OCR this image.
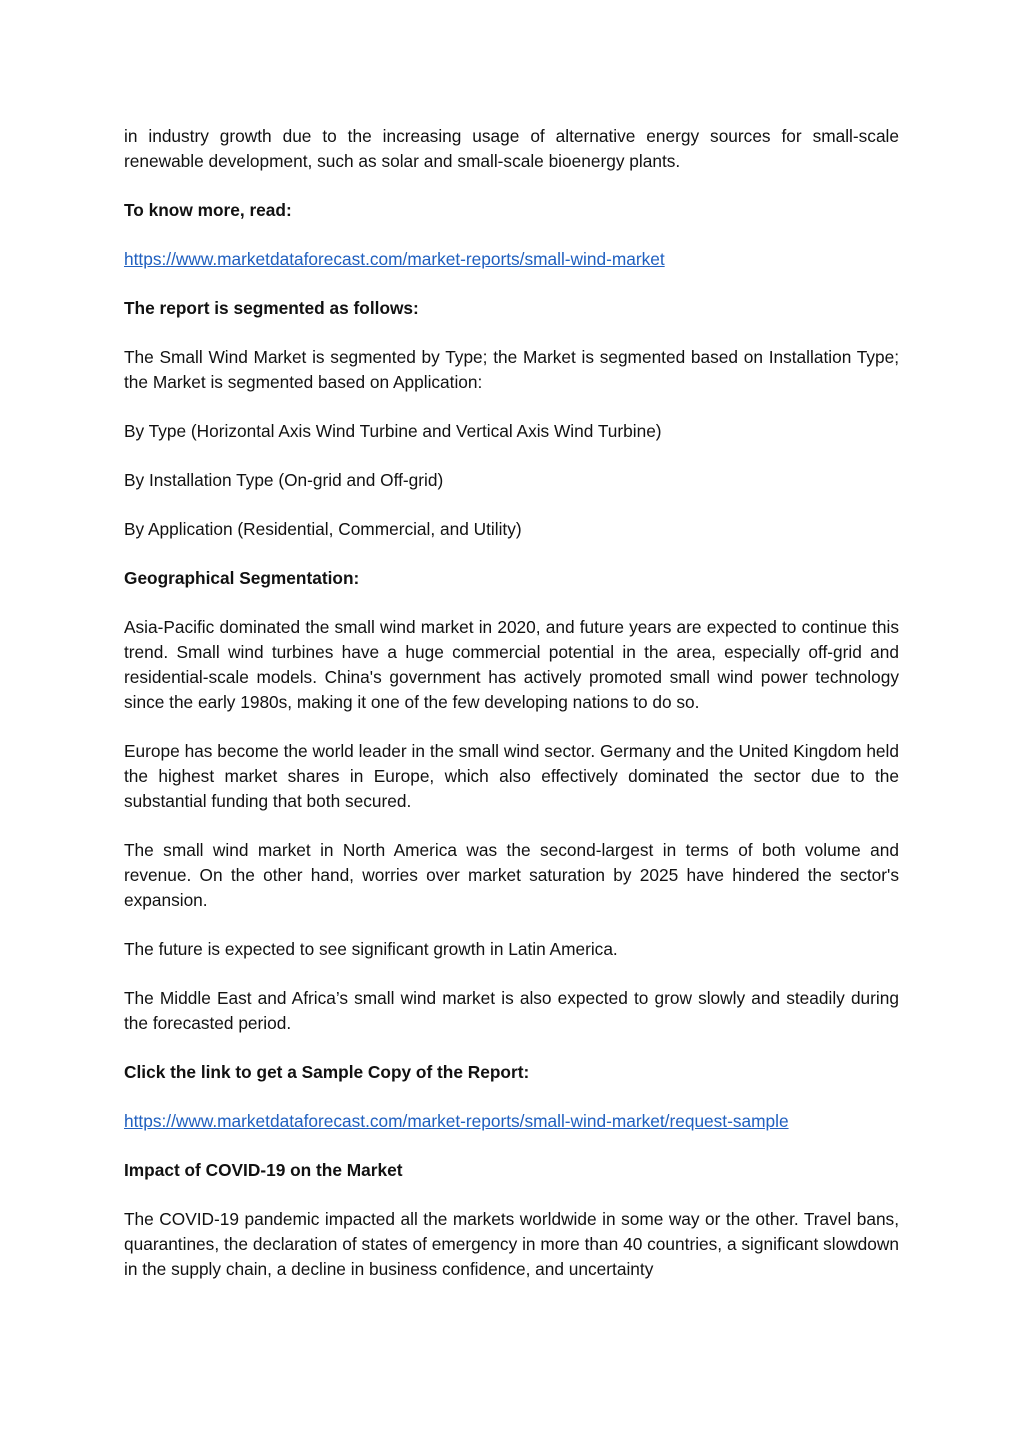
in industry growth due to the increasing usage of alternative energy sources for small-scale renewable development, such as solar and small-scale bioenergy plants.

To know more, read:

https://www.marketdataforecast.com/market-reports/small-wind-market

The report is segmented as follows:

The Small Wind Market is segmented by Type; the Market is segmented based on Installation Type; the Market is segmented based on Application:

By Type (Horizontal Axis Wind Turbine and Vertical Axis Wind Turbine)

By Installation Type (On-grid and Off-grid)

By Application (Residential, Commercial, and Utility)

Geographical Segmentation:

Asia-Pacific dominated the small wind market in 2020, and future years are expected to continue this trend. Small wind turbines have a huge commercial potential in the area, especially off-grid and residential-scale models. China's government has actively promoted small wind power technology since the early 1980s, making it one of the few developing nations to do so.

Europe has become the world leader in the small wind sector. Germany and the United Kingdom held the highest market shares in Europe, which also effectively dominated the sector due to the substantial funding that both secured.

The small wind market in North America was the second-largest in terms of both volume and revenue. On the other hand, worries over market saturation by 2025 have hindered the sector's expansion.

The future is expected to see significant growth in Latin America.

The Middle East and Africa’s small wind market is also expected to grow slowly and steadily during the forecasted period.

Click the link to get a Sample Copy of the Report:

https://www.marketdataforecast.com/market-reports/small-wind-market/request-sample

Impact of COVID-19 on the Market

The COVID-19 pandemic impacted all the markets worldwide in some way or the other. Travel bans, quarantines, the declaration of states of emergency in more than 40 countries, a significant slowdown in the supply chain, a decline in business confidence, and uncertainty
